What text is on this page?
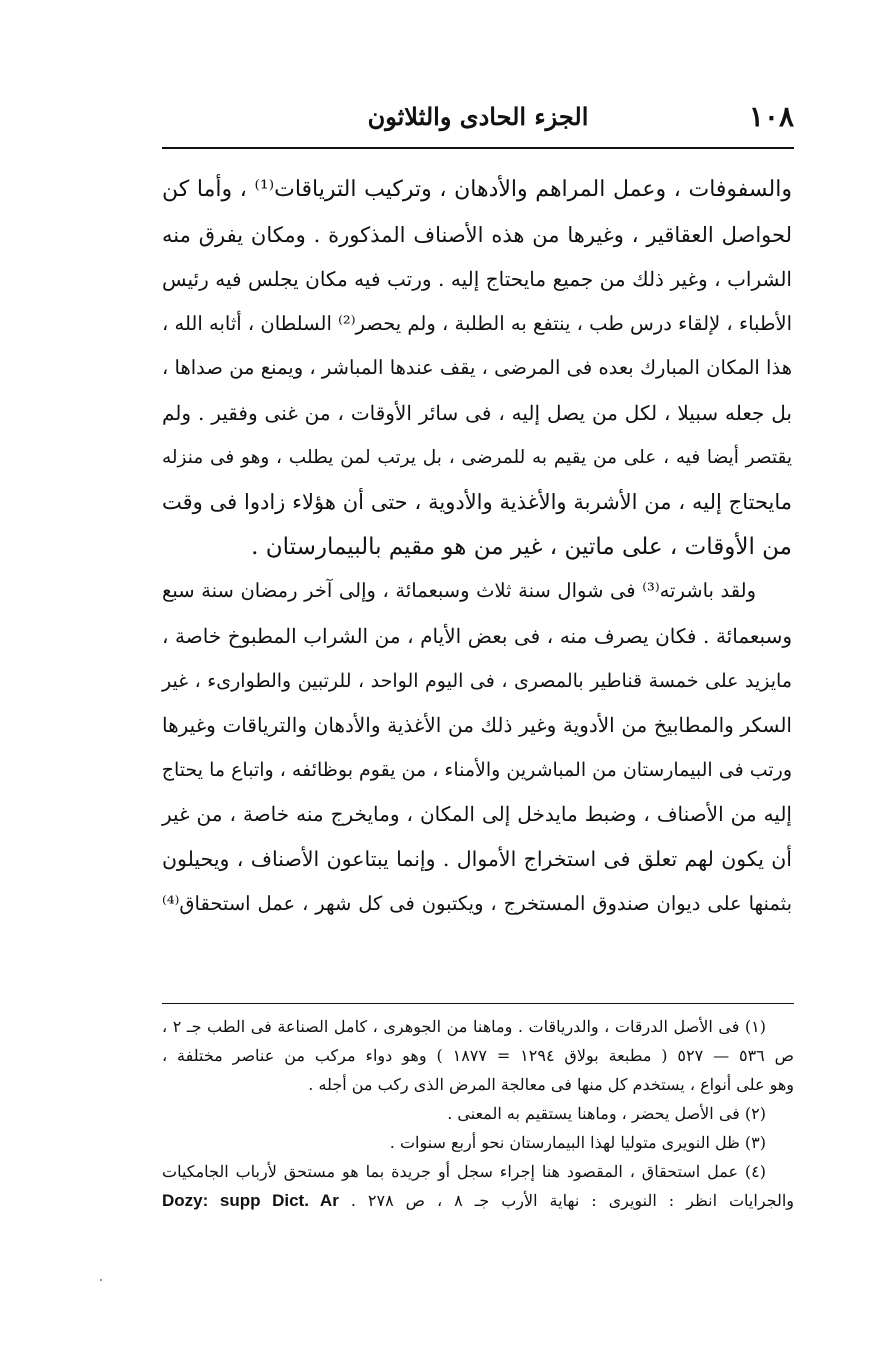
١٠٨
الجزء الحادى والثلاثون
والسفوفات ، وعمل المراهم والأدهان ، وتركيب الترياقات⁽¹⁾ ، وأما كن
لحواصل العقاقير ، وغيرها من هذه الأصناف المذكورة . ومكان يفرق منه
الشراب ، وغير ذلك من جميع مايحتاج إليه . ورتب فيه مكان يجلس فيه رئيس
الأطباء ، لإلقاء درس طب ، ينتفع به الطلبة ، ولم يحصر⁽²⁾ السلطان ، أثابه الله ،
هذا المكان المبارك بعده فى المرضى ، يقف عندها المباشر ، ويمنع من صداها ،
بل جعله سبيلا ، لكل من يصل إليه ، فى سائر الأوقات ، من غنى وفقير . ولم
يقتصر أيضا فيه ، على من يقيم به للمرضى ، بل يرتب لمن يطلب ، وهو فى منزله
مايحتاج إليه ، من الأشربة والأغذية والأدوية ، حتى أن هؤلاء زادوا فى وقت
من الأوقات ، على ماتين ، غير من هو مقيم بالبيمارستان .
ولقد باشرته⁽³⁾ فى شوال سنة ثلاث وسبعمائة ، وإلى آخر رمضان سنة سبع
وسبعمائة . فكان يصرف منه ، فى بعض الأيام ، من الشراب المطبوخ خاصة ،
مايزيد على خمسة قناطير بالمصرى ، فى اليوم الواحد ، للرتبين والطوارىء ، غير
السكر والمطابيخ من الأدوية وغير ذلك من الأغذية والأدهان والترياقات وغيرها
ورتب فى البيمارستان من المباشرين والأمناء ، من يقوم بوظائفه ، واتباع ما يحتاج
إليه من الأصناف ، وضبط مايدخل إلى المكان ، ومايخرج منه خاصة ، من غير
أن يكون لهم تعلق فى استخراج الأموال . وإنما يبتاعون الأصناف ، ويحيلون
بثمنها على ديوان صندوق المستخرج ، ويكتبون فى كل شهر ، عمل استحقاق⁽⁴⁾
(١) فى الأصل الدرقات ، والدرياقات . وماهنا من الجوهرى ، كامل الصناعة فى الطب جـ ٢ ،
ص ٥٣٦ — ٥٢٧ ( مطبعة بولاق ١٢٩٤ = ١٨٧٧ ) وهو دواء مركب من عناصر مختلفة ،
وهو على أنواع ، يستخدم كل منها فى معالجة المرض الذى ركب من أجله .
(٢) فى الأصل يحضر ، وماهنا يستقيم به المعنى .
(٣) ظل النويرى متوليا لهذا البيمارستان نحو أربع سنوات .
(٤) عمل استحقاق ، المقصود هنا إجراء سجل أو جريدة بما هو مستحق لأرباب الجامكيات
والجرايات انظر : النويرى : نهاية الأرب جـ ٨ ، ص ٢٧٨ . Dozy: supp Dict. Ar
